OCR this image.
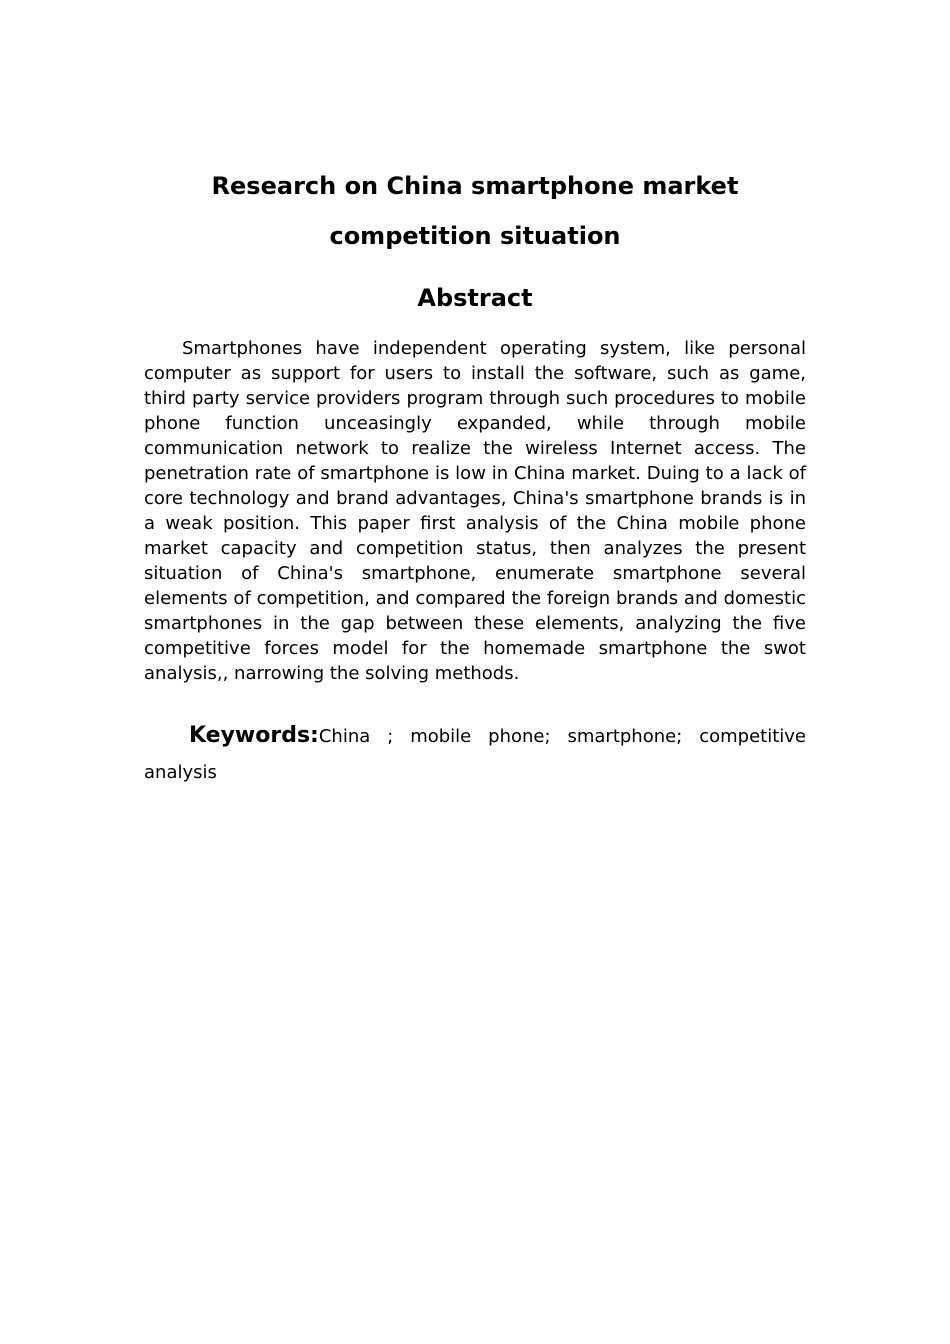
Research on China smartphone market competition situation
Abstract

Smartphones have independent operating system, like personal computer as support for users to install the software, such as game, third party service providers program through such procedures to mobile phone function unceasingly expanded, while through mobile communication network to realize the wireless Internet access. The penetration rate of smartphone is low in China market. Duing to a lack of core technology and brand advantages, China's smartphone brands is in a weak position. This paper first analysis of the China mobile phone market capacity and competition status, then analyzes the present situation of China's smartphone, enumerate smartphone several elements of competition, and compared the foreign brands and domestic smartphones in the gap between these elements, analyzing the five competitive forces model for the homemade smartphone the swot analysis,, narrowing the solving methods.

Keywords:China ; mobile phone; smartphone; competitive analysis
